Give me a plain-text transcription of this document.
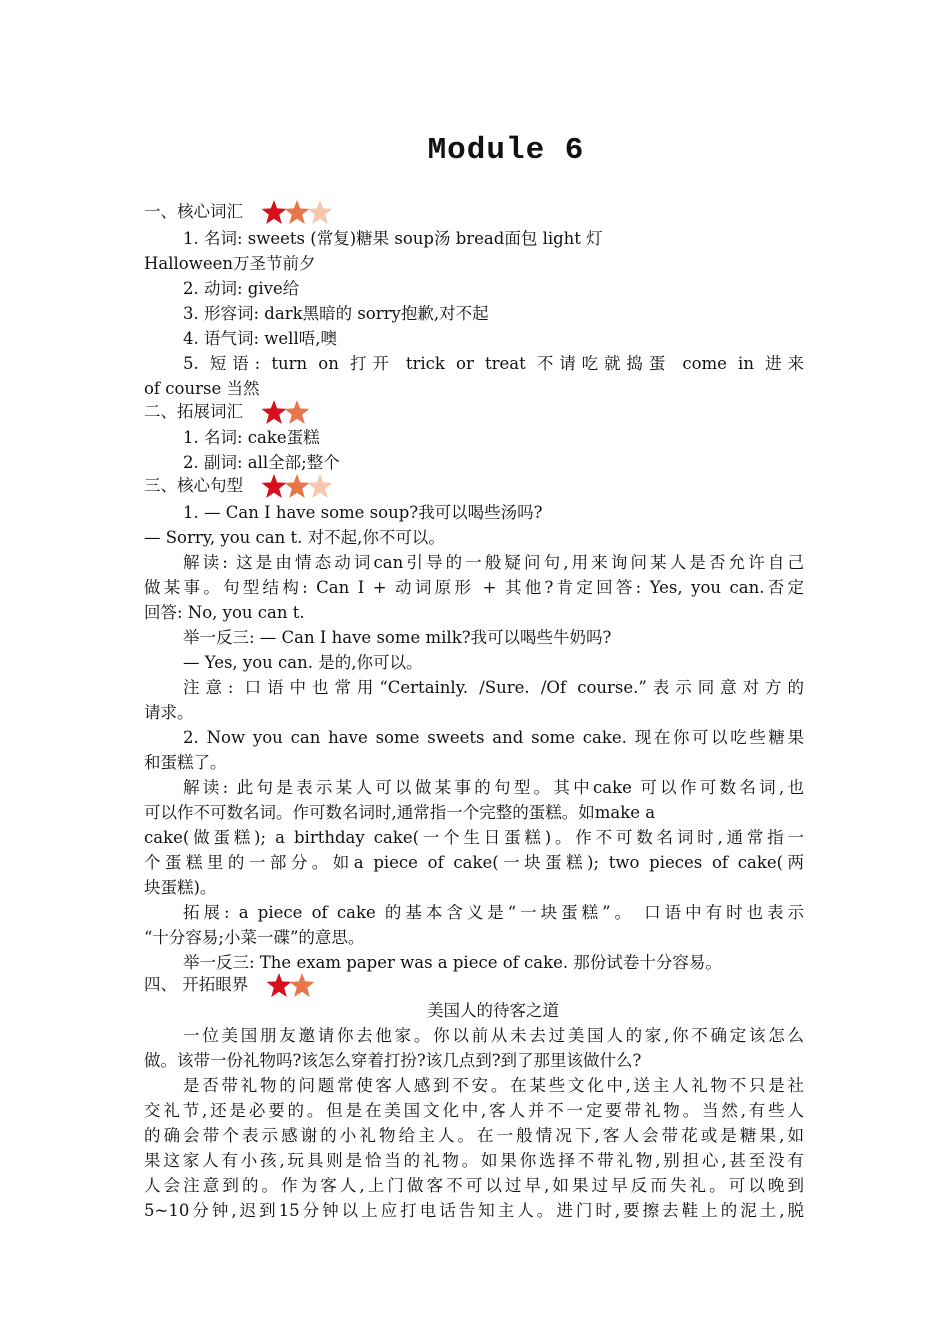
Module 6
一、核心词汇
1. 名词: sweets (常复)糖果 soup汤 bread面包 light 灯
Halloween万圣节前夕
2. 动词: give给
3. 形容词: dark黑暗的 sorry抱歉,对不起
4. 语气词: well唔,噢
5. 短语: turn on 打开 trick or treat 不请吃就捣蛋 come in 进来
of course 当然
二、拓展词汇
1. 名词: cake蛋糕
2. 副词: all全部;整个
三、核心句型
1. — Can I have some soup?我可以喝些汤吗?
— Sorry, you can t. 对不起,你不可以。
解读: 这是由情态动词can引导的一般疑问句,用来询问某人是否允许自己
做某事。句型结构: Can I + 动词原形 + 其他?肯定回答: Yes, you can.否定
回答: No, you can t.
举一反三: — Can I have some milk?我可以喝些牛奶吗?
— Yes, you can. 是的,你可以。
注意: 口语中也常用“Certainly. /Sure. /Of course.”表示同意对方的
请求。
2. Now you can have some sweets and some cake. 现在你可以吃些糖果
和蛋糕了。
解读: 此句是表示某人可以做某事的句型。其中cake 可以作可数名词,也
可以作不可数名词。作可数名词时,通常指一个完整的蛋糕。如make a
cake(做蛋糕); a birthday cake(一个生日蛋糕)。作不可数名词时,通常指一
个蛋糕里的一部分。如a piece of cake(一块蛋糕); two pieces of cake(两
块蛋糕)。
拓展: a piece of cake 的基本含义是“一块蛋糕”。 口语中有时也表示
“十分容易;小菜一碟”的意思。
举一反三: The exam paper was a piece of cake. 那份试卷十分容易。
四、 开拓眼界
美国人的待客之道
一位美国朋友邀请你去他家。你以前从未去过美国人的家,你不确定该怎么
做。该带一份礼物吗?该怎么穿着打扮?该几点到?到了那里该做什么?
是否带礼物的问题常使客人感到不安。在某些文化中,送主人礼物不只是社
交礼节,还是必要的。但是在美国文化中,客人并不一定要带礼物。当然,有些人
的确会带个表示感谢的小礼物给主人。在一般情况下,客人会带花或是糖果,如
果这家人有小孩,玩具则是恰当的礼物。如果你选择不带礼物,别担心,甚至没有
人会注意到的。作为客人,上门做客不可以过早,如果过早反而失礼。可以晚到
5~10分钟,迟到15分钟以上应打电话告知主人。进门时,要擦去鞋上的泥土,脱
